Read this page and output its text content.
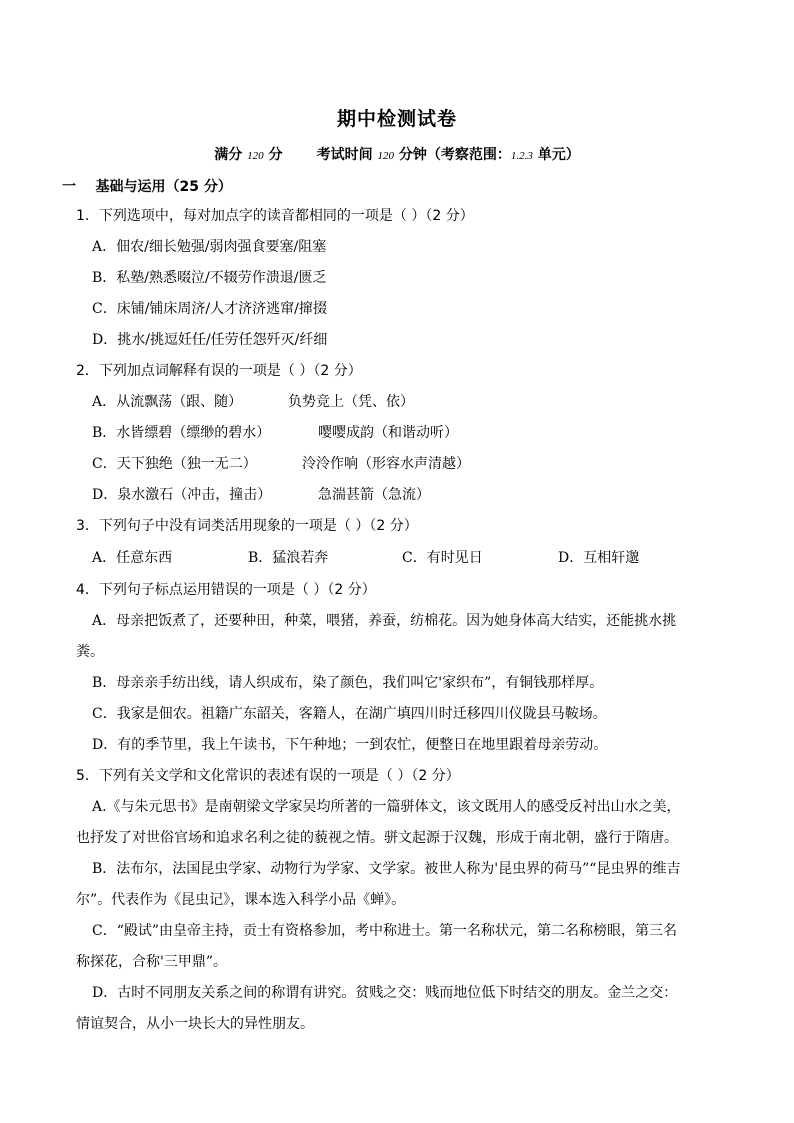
期中检测试卷
满分 120 分       考试时间 120 分钟（考察范围：1.2.3 单元）
一    基础与运用（25 分）
1．下列选项中，每对加点字的读音都相同的一项是（ ）（2 分）
A．佃农/细长勉强/弱肉强食要塞/阻塞
B．私塾/熟悉啜泣/不辍劳作溃退/匮乏
C．床铺/铺床周济/人才济济逃窜/撺掇
D．挑水/挑逗妊任/任劳任怨歼灭/纤细
2．下列加点词解释有误的一项是（ ）（2 分）
A．从流飘荡（跟、随）	负势竞上（凭、依）
B．水皆缥碧（缥缈的碧水）	嘤嘤成韵（和谐动听）
C．天下独绝（独一无二）	泠泠作响（形容水声清越）
D．泉水激石（冲击，撞击）	急湍甚箭（急流）
3．下列句子中没有词类活用现象的一项是（ ）（2 分）
A．任意东西	B．猛浪若奔	C．有时见日	D．互相轩邈
4．下列句子标点运用错误的一项是（ ）（2 分）
A．母亲把饭煮了，还要种田，种菜，喂猪，养蚕，纺棉花。因为她身体高大结实，还能挑水挑
粪。
B．母亲亲手纺出线，请人织成布，染了颜色，我们叫它'家织布”，有铜钱那样厚。
C．我家是佃农。祖籍广东韶关，客籍人，在湖广填四川时迁移四川仪陇县马鞍场。
D．有的季节里，我上午读书，下午种地；一到农忙，便整日在地里跟着母亲劳动。
5．下列有关文学和文化常识的表述有误的一项是（ ）（2 分）
A.《与朱元思书》是南朝梁文学家吴均所著的一篇骈体文，该文既用人的感受反衬出山水之美，
也抒发了对世俗官场和追求名利之徒的藐视之情。骈文起源于汉魏，形成于南北朝，盛行于隋唐。
B．法布尔，法国昆虫学家、动物行为学家、文学家。被世人称为'昆虫界的荷马”“昆虫界的维吉
尔”。代表作为《昆虫记》，课本选入科学小品《蝉》。
C．“殿试”由皇帝主持，贡士有资格参加，考中称进士。第一名称状元，第二名称榜眼，第三名
称探花，合称'三甲鼎”。
D．古时不同朋友关系之间的称谓有讲究。贫贱之交：贱而地位低下时结交的朋友。金兰之交：
情谊契合，从小一块长大的异性朋友。
